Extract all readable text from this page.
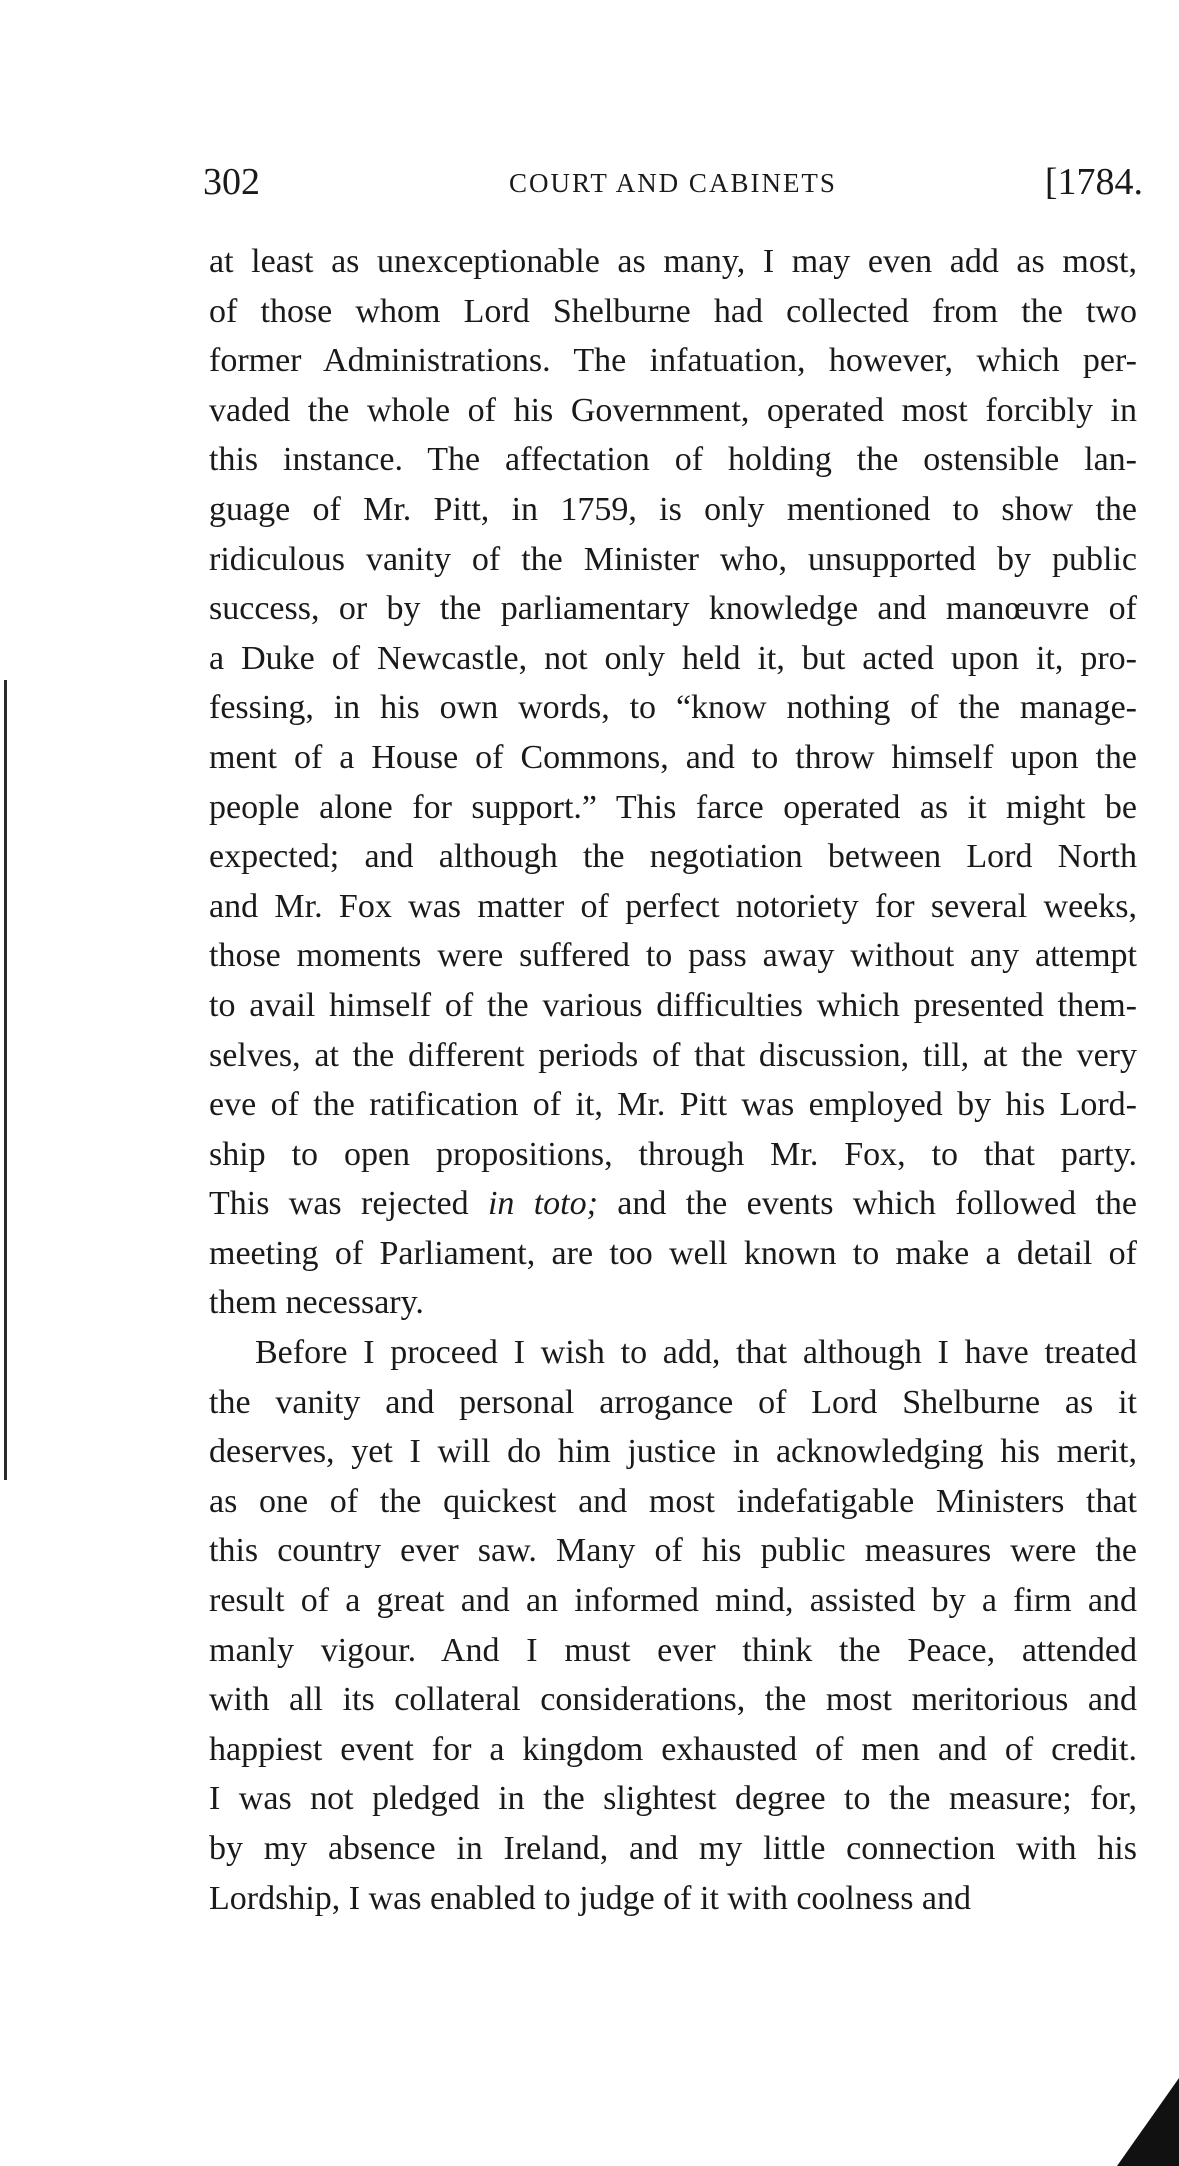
302	COURT AND CABINETS	[1784.
at least as unexceptionable as many, I may even add as most,
of those whom Lord Shelburne had collected from the two
former Administrations. The infatuation, however, which per-
vaded the whole of his Government, operated most forcibly in
this instance. The affectation of holding the ostensible lan-
guage of Mr. Pitt, in 1759, is only mentioned to show the
ridiculous vanity of the Minister who, unsupported by public
success, or by the parliamentary knowledge and manœuvre of
a Duke of Newcastle, not only held it, but acted upon it, pro-
fessing, in his own words, to “know nothing of the manage-
ment of a House of Commons, and to throw himself upon the
people alone for support.” This farce operated as it might be
expected; and although the negotiation between Lord North
and Mr. Fox was matter of perfect notoriety for several weeks,
those moments were suffered to pass away without any attempt
to avail himself of the various difficulties which presented them-
selves, at the different periods of that discussion, till, at the very
eve of the ratification of it, Mr. Pitt was employed by his Lord-
ship to open propositions, through Mr. Fox, to that party.
This was rejected in toto; and the events which followed the
meeting of Parliament, are too well known to make a detail of
them necessary.
Before I proceed I wish to add, that although I have treated
the vanity and personal arrogance of Lord Shelburne as it
deserves, yet I will do him justice in acknowledging his merit,
as one of the quickest and most indefatigable Ministers that
this country ever saw. Many of his public measures were the
result of a great and an informed mind, assisted by a firm and
manly vigour. And I must ever think the Peace, attended
with all its collateral considerations, the most meritorious and
happiest event for a kingdom exhausted of men and of credit.
I was not pledged in the slightest degree to the measure; for,
by my absence in Ireland, and my little connection with his
Lordship, I was enabled to judge of it with coolness and
